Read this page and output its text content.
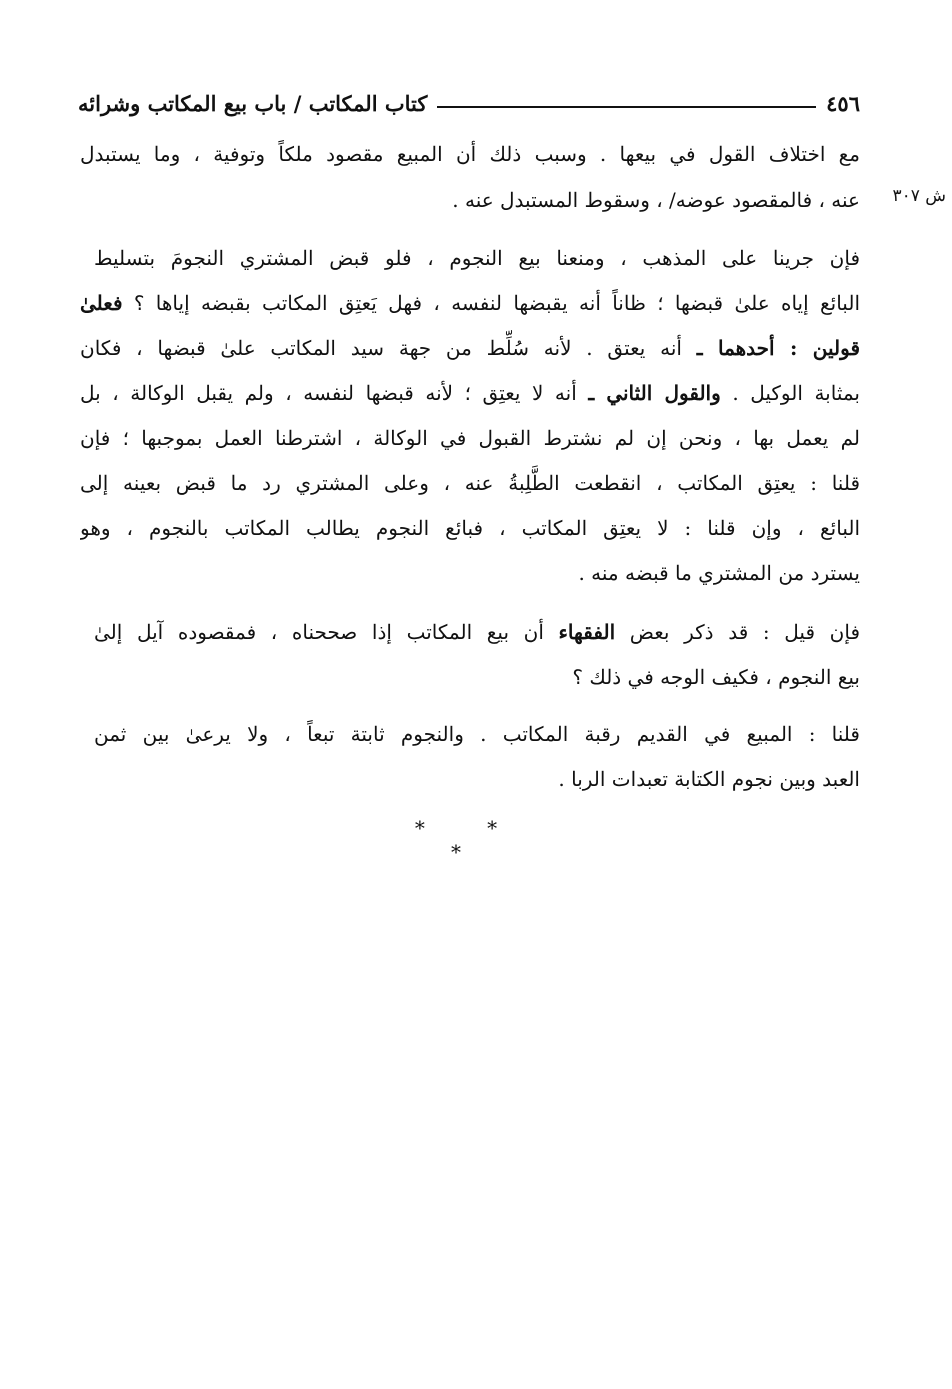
٤٥٦
كتاب المكاتب / باب بيع المكاتب وشرائه
ش ٣٠٧
مع اختلاف القول في بيعها . وسبب ذلك أن المبيع مقصود ملكاً وتوفية ، وما يستبدل
عنه ، فالمقصود عوضه/ ، وسقوط المستبدل عنه .
فإن جرينا على المذهب ، ومنعنا بيع النجوم ، فلو قبض المشتري النجومَ بتسليط
البائع إياه علىٰ قبضها ؛ ظاناً أنه يقبضها لنفسه ، فهل يَعتِق المكاتب بقبضه إياها ؟ فعلىٰ
قولين : أحدهما ـ أنه يعتق . لأنه سُلِّط من جهة سيد المكاتب علىٰ قبضها ، فكان
بمثابة الوكيل . والقول الثاني ـ أنه لا يعتِق ؛ لأنه قبضها لنفسه ، ولم يقبل الوكالة ، بل
لم يعمل بها ، ونحن إن لم نشترط القبول في الوكالة ، اشترطنا العمل بموجبها ؛ فإن
قلنا : يعتِق المكاتب ، انقطعت الطَّلِبةُ عنه ، وعلى المشتري رد ما قبض بعينه إلى
البائع ، وإن قلنا : لا يعتِق المكاتب ، فبائع النجوم يطالب المكاتب بالنجوم ، وهو
يسترد من المشتري ما قبضه منه .
فإن قيل : قد ذكر بعض الفقهاء أن بيع المكاتب إذا صححناه ، فمقصوده آيل إلىٰ
بيع النجوم ، فكيف الوجه في ذلك ؟
قلنا : المبيع في القديم رقبة المكاتب . والنجوم ثابتة تبعاً ، ولا يرعىٰ بين ثمن
العبد وبين نجوم الكتابة تعبدات الربا .
* * *
